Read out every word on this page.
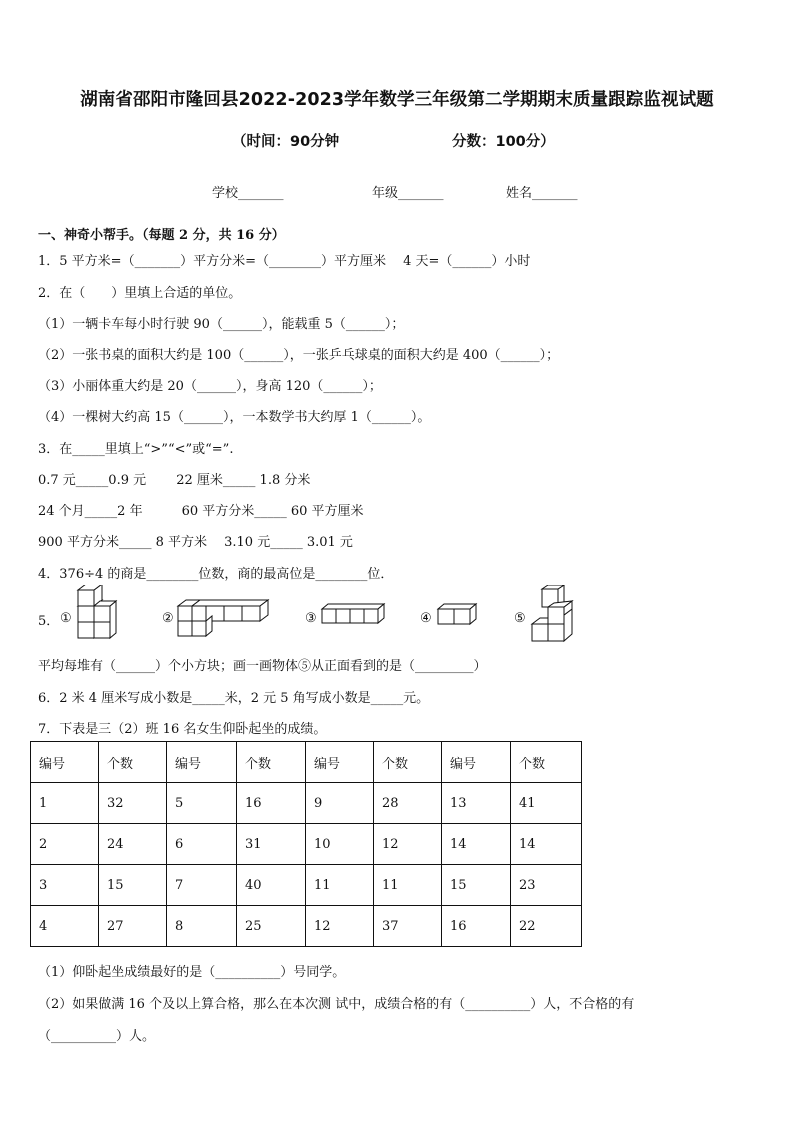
湖南省邵阳市隆回县2022-2023学年数学三年级第二学期期末质量跟踪监视试题
（时间：90分钟	分数：100分）
学校_______	年级_______	姓名_______
一、神奇小帮手。（每题 2 分，共 16 分）
1．5 平方米=（_______）平方分米=（________）平方厘米　 4 天=（______）小时
2．在（　　）里填上合适的单位。
（1）一辆卡车每小时行驶 90（______），能载重 5（______）；
（2）一张书桌的面积大约是 100（______），一张乒乓球桌的面积大约是 400（______）；
（3）小丽体重大约是 20（______），身高 120（______）；
（4）一棵树大约高 15（______），一本数学书大约厚 1（______）。
3．在_____里填上“>”“<”或“=”.
0.7 元_____0.9 元　　 22 厘米_____ 1.8 分米
24 个月_____2 年　　　60 平方分米_____ 60 平方厘米
900 平方分米_____ 8 平方米　 3.10 元_____ 3.01 元
4．376÷4 的商是________位数，商的最高位是________位．
5． ①	②	③	④	⑤
平均每堆有（______）个小方块；画一画物体⑤从正面看到的是（_________）
6．2 米 4 厘米写成小数是_____米，2 元 5 角写成小数是_____元。
7．下表是三（2）班 16 名女生仰卧起坐的成绩。
编号	个数	编号	个数	编号	个数	编号	个数
1	32	5	16	9	28	13	41
2	24	6	31	10	12	14	14
3	15	7	40	11	11	15	23
4	27	8	25	12	37	16	22
（1）仰卧起坐成绩最好的是（__________）号同学。
（2）如果做满 16 个及以上算合格，那么在本次测 试中，成绩合格的有（__________）人，不合格的有
（__________）人。
